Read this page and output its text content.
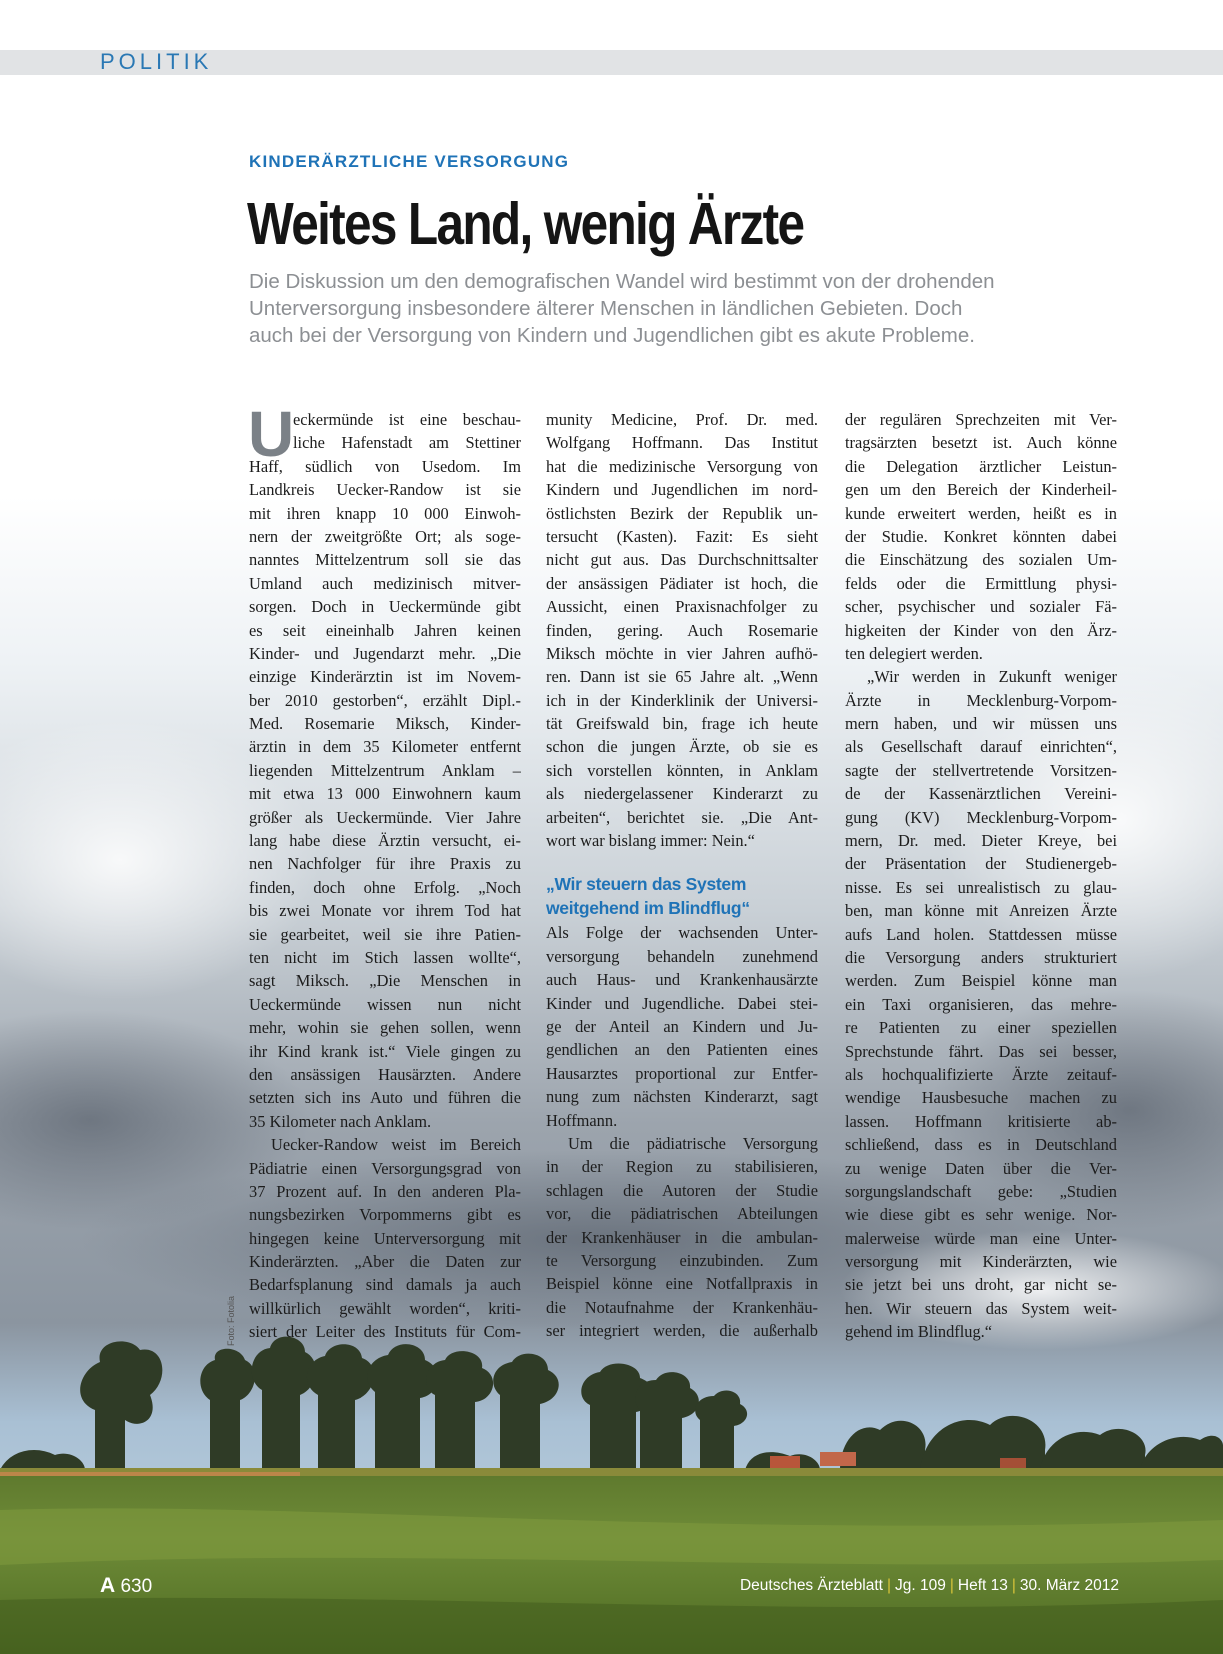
POLITIK
KINDERÄRZTLICHE VERSORGUNG
Weites Land, wenig Ärzte
Die Diskussion um den demografischen Wandel wird bestimmt von der drohenden
Unterversorgung insbesondere älterer Menschen in ländlichen Gebieten. Doch
auch bei der Versorgung von Kindern und Jugendlichen gibt es akute Probleme.
U
eckermünde ist eine beschau-
liche Hafenstadt am Stettiner
Haff, südlich von Usedom. Im
Landkreis Uecker-Randow ist sie
mit ihren knapp 10 000 Einwoh-
nern der zweitgrößte Ort; als soge-
nanntes Mittelzentrum soll sie das
Umland auch medizinisch mitver-
sorgen. Doch in Ueckermünde gibt
es seit eineinhalb Jahren keinen
Kinder- und Jugendarzt mehr. „Die
einzige Kinderärztin ist im Novem-
ber 2010 gestorben“, erzählt Dipl.-
Med. Rosemarie Miksch, Kinder-
ärztin in dem 35 Kilometer entfernt
liegenden Mittelzentrum Anklam –
mit etwa 13 000 Einwohnern kaum
größer als Ueckermünde. Vier Jahre
lang habe diese Ärztin versucht, ei-
nen Nachfolger für ihre Praxis zu
finden, doch ohne Erfolg. „Noch
bis zwei Monate vor ihrem Tod hat
sie gearbeitet, weil sie ihre Patien-
ten nicht im Stich lassen wollte“,
sagt Miksch. „Die Menschen in
Ueckermünde wissen nun nicht
mehr, wohin sie gehen sollen, wenn
ihr Kind krank ist.“ Viele gingen zu
den ansässigen Hausärzten. Andere
setzten sich ins Auto und führen die
35 Kilometer nach Anklam.
Uecker-Randow weist im Bereich
Pädiatrie einen Versorgungsgrad von
37 Prozent auf. In den anderen Pla-
nungsbezirken Vorpommerns gibt es
hingegen keine Unterversorgung mit
Kinderärzten. „Aber die Daten zur
Bedarfsplanung sind damals ja auch
willkürlich gewählt worden“, kriti-
siert der Leiter des Instituts für Com-
munity Medicine, Prof. Dr. med.
Wolfgang Hoffmann. Das Institut
hat die medizinische Versorgung von
Kindern und Jugendlichen im nord-
östlichsten Bezirk der Republik un-
tersucht (Kasten). Fazit: Es sieht
nicht gut aus. Das Durchschnittsalter
der ansässigen Pädiater ist hoch, die
Aussicht, einen Praxisnachfolger zu
finden, gering. Auch Rosemarie
Miksch möchte in vier Jahren aufhö-
ren. Dann ist sie 65 Jahre alt. „Wenn
ich in der Kinderklinik der Universi-
tät Greifswald bin, frage ich heute
schon die jungen Ärzte, ob sie es
sich vorstellen könnten, in Anklam
als niedergelassener Kinderarzt zu
arbeiten“, berichtet sie. „Die Ant-
wort war bislang immer: Nein.“
„Wir steuern das System
weitgehend im Blindflug“
Als Folge der wachsenden Unter-
versorgung behandeln zunehmend
auch Haus- und Krankenhausärzte
Kinder und Jugendliche. Dabei stei-
ge der Anteil an Kindern und Ju-
gendlichen an den Patienten eines
Hausarztes proportional zur Entfer-
nung zum nächsten Kinderarzt, sagt
Hoffmann.
Um die pädiatrische Versorgung
in der Region zu stabilisieren,
schlagen die Autoren der Studie
vor, die pädiatrischen Abteilungen
der Krankenhäuser in die ambulan-
te Versorgung einzubinden. Zum
Beispiel könne eine Notfallpraxis in
die Notaufnahme der Krankenhäu-
ser integriert werden, die außerhalb
der regulären Sprechzeiten mit Ver-
tragsärzten besetzt ist. Auch könne
die Delegation ärztlicher Leistun-
gen um den Bereich der Kinderheil-
kunde erweitert werden, heißt es in
der Studie. Konkret könnten dabei
die Einschätzung des sozialen Um-
felds oder die Ermittlung physi-
scher, psychischer und sozialer Fä-
higkeiten der Kinder von den Ärz-
ten delegiert werden.
„Wir werden in Zukunft weniger
Ärzte in Mecklenburg-Vorpom-
mern haben, und wir müssen uns
als Gesellschaft darauf einrichten“,
sagte der stellvertretende Vorsitzen-
de der Kassenärztlichen Vereini-
gung (KV) Mecklenburg-Vorpom-
mern, Dr. med. Dieter Kreye, bei
der Präsentation der Studienergeb-
nisse. Es sei unrealistisch zu glau-
ben, man könne mit Anreizen Ärzte
aufs Land holen. Stattdessen müsse
die Versorgung anders strukturiert
werden. Zum Beispiel könne man
ein Taxi organisieren, das mehre-
re Patienten zu einer speziellen
Sprechstunde fährt. Das sei besser,
als hochqualifizierte Ärzte zeitauf-
wendige Hausbesuche machen zu
lassen. Hoffmann kritisierte ab-
schließend, dass es in Deutschland
zu wenige Daten über die Ver-
sorgungslandschaft gebe: „Studien
wie diese gibt es sehr wenige. Nor-
malerweise würde man eine Unter-
versorgung mit Kinderärzten, wie
sie jetzt bei uns droht, gar nicht se-
hen. Wir steuern das System weit-
gehend im Blindflug.“
Foto: Fotolia
A 630	Deutsches Ärzteblatt | Jg. 109 | Heft 13 | 30. März 2012
